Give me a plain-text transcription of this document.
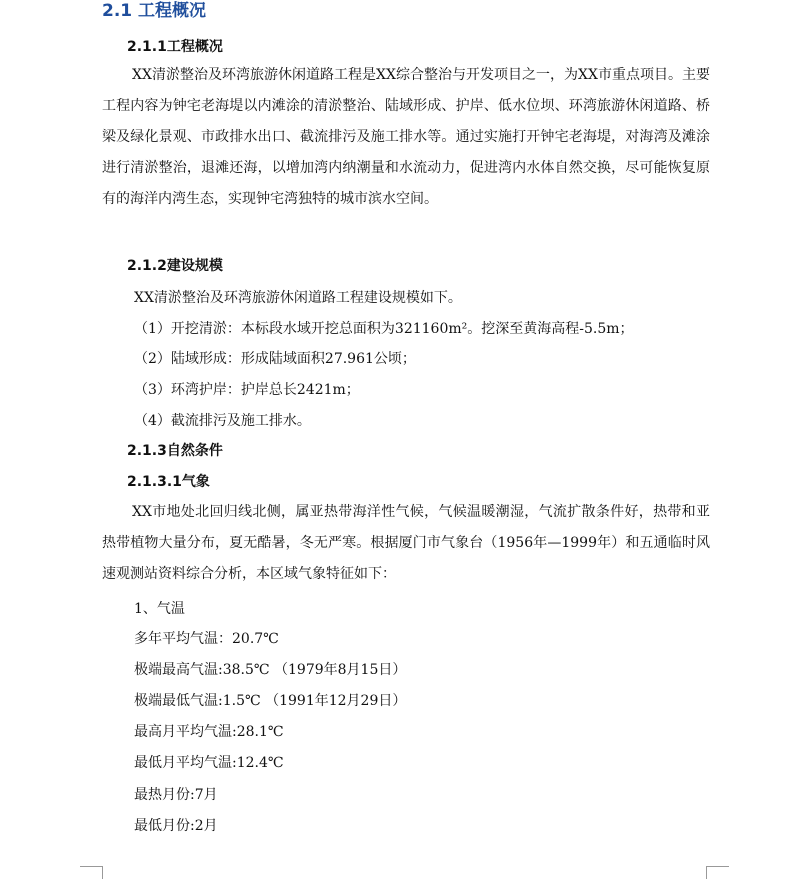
2.1 工程概况
2.1.1工程概况

XX清淤整治及环湾旅游休闲道路工程是XX综合整治与开发项目之一，为XX市重点项目。主要工程内容为钟宅老海堤以内滩涂的清淤整治、陆域形成、护岸、低水位坝、环湾旅游休闲道路、桥梁及绿化景观、市政排水出口、截流排污及施工排水等。通过实施打开钟宅老海堤，对海湾及滩涂进行清淤整治，退滩还海，以增加湾内纳潮量和水流动力，促进湾内水体自然交换，尽可能恢复原有的海洋内湾生态，实现钟宅湾独特的城市滨水空间。

2.1.2建设规模
XX清淤整治及环湾旅游休闲道路工程建设规模如下。
（1）开挖清淤：本标段水域开挖总面积为321160m²。挖深至黄海高程-5.5m；
（2）陆域形成：形成陆域面积27.961公顷；
（3）环湾护岸：护岸总长2421m；
（4）截流排污及施工排水。
2.1.3自然条件
2.1.3.1气象

XX市地处北回归线北侧，属亚热带海洋性气候，气候温暖潮湿，气流扩散条件好，热带和亚热带植物大量分布，夏无酷暑，冬无严寒。根据厦门市气象台（1956年—1999年）和五通临时风速观测站资料综合分析，本区域气象特征如下：

1、气温
多年平均气温：20.7℃
极端最高气温:38.5℃ （1979年8月15日）
极端最低气温:1.5℃ （1991年12月29日）
最高月平均气温:28.1℃
最低月平均气温:12.4℃
最热月份:7月
最低月份:2月
